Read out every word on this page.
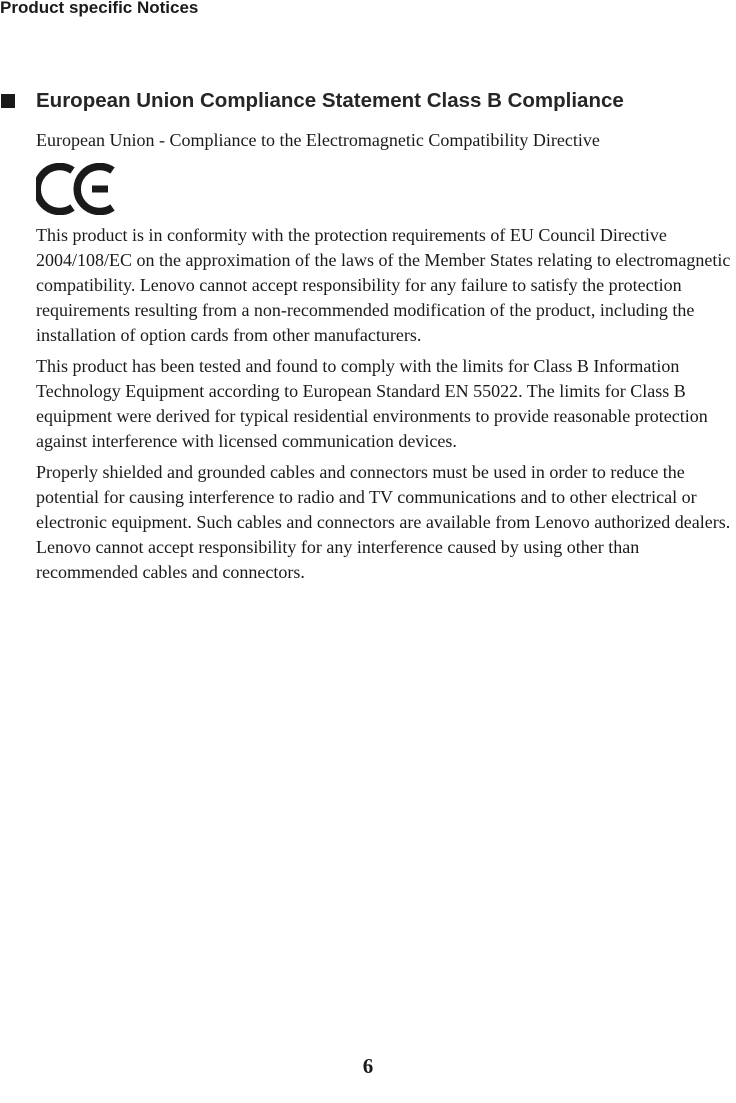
Product specific Notices
European Union Compliance Statement Class B Compliance

European Union - Compliance to the Electromagnetic Compatibility Directive

This product is in conformity with the protection requirements of EU Council Directive 2004/108/EC on the approximation of the laws of the Member States relating to electromagnetic compatibility. Lenovo cannot accept responsibility for any failure to satisfy the protection requirements resulting from a non-recommended modification of the product, including the installation of option cards from other manufacturers.

This product has been tested and found to comply with the limits for Class B Information Technology Equipment according to European Standard EN 55022. The limits for Class B equipment were derived for typical residential environments to provide reasonable protection against interference with licensed communication devices.

Properly shielded and grounded cables and connectors must be used in order to reduce the potential for causing interference to radio and TV communications and to other electrical or electronic equipment. Such cables and connectors are available from Lenovo authorized dealers. Lenovo cannot accept responsibility for any interference caused by using other than recommended cables and connectors.

6
